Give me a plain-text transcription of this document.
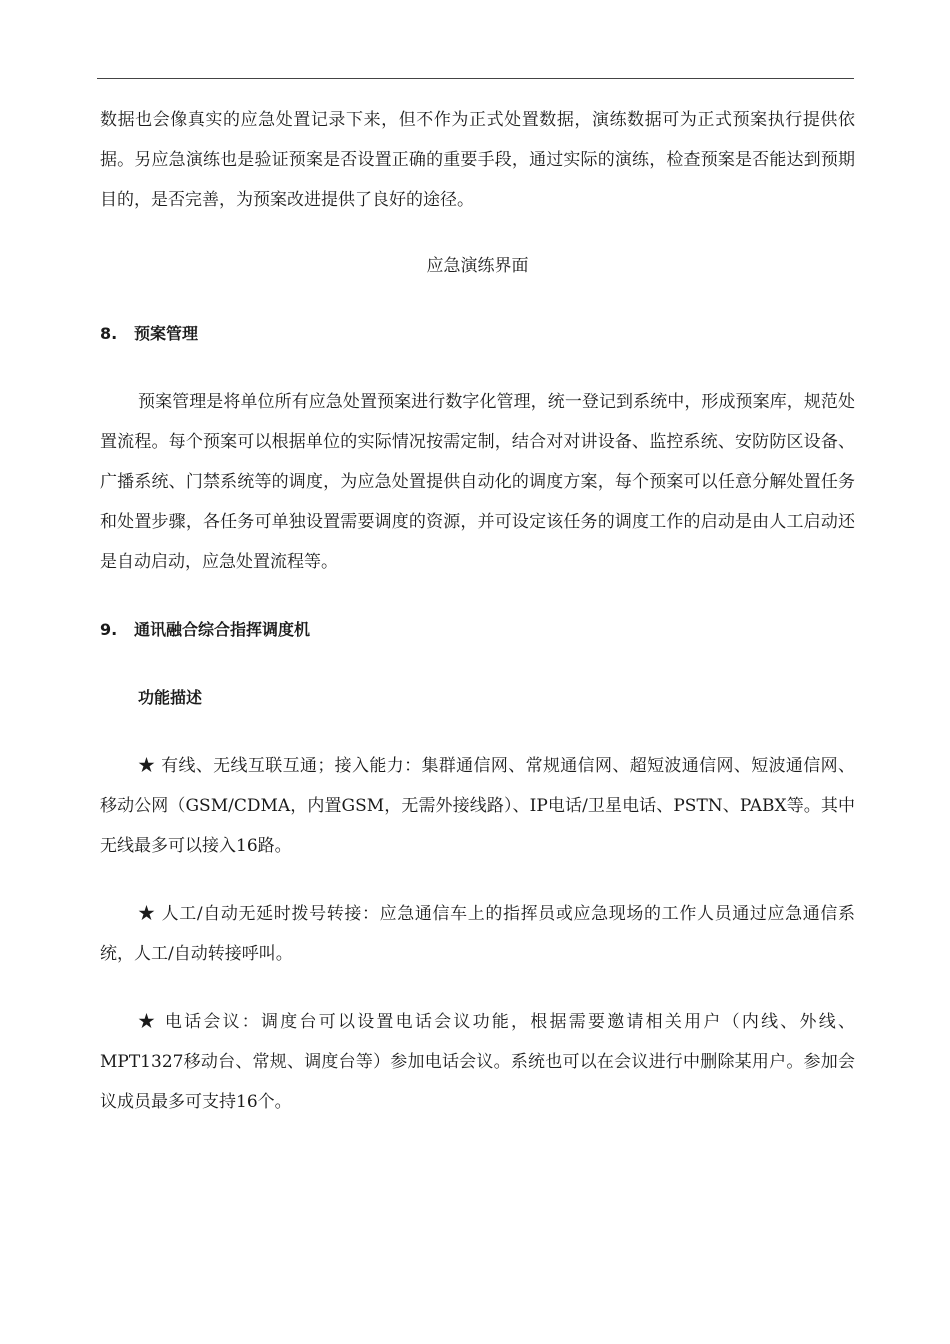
数据也会像真实的应急处置记录下来，但不作为正式处置数据，演练数据可为正式预案执行提供依据。另应急演练也是验证预案是否设置正确的重要手段，通过实际的演练，检查预案是否能达到预期目的，是否完善，为预案改进提供了良好的途径。

应急演练界面

8. 预案管理

预案管理是将单位所有应急处置预案进行数字化管理，统一登记到系统中，形成预案库，规范处置流程。每个预案可以根据单位的实际情况按需定制，结合对对讲设备、监控系统、安防防区设备、广播系统、门禁系统等的调度，为应急处置提供自动化的调度方案，每个预案可以任意分解处置任务和处置步骤，各任务可单独设置需要调度的资源，并可设定该任务的调度工作的启动是由人工启动还是自动启动，应急处置流程等。

9. 通讯融合综合指挥调度机
功能描述

★ 有线、无线互联互通；接入能力：集群通信网、常规通信网、超短波通信网、短波通信网、移动公网（GSM/CDMA，内置GSM，无需外接线路）、IP电话/卫星电话、PSTN、PABX等。其中无线最多可以接入16路。

★ 人工/自动无延时拨号转接：应急通信车上的指挥员或应急现场的工作人员通过应急通信系统，人工/自动转接呼叫。

★ 电话会议：调度台可以设置电话会议功能，根据需要邀请相关用户（内线、外线、MPT1327移动台、常规、调度台等）参加电话会议。系统也可以在会议进行中删除某用户。参加会议成员最多可支持16个。
